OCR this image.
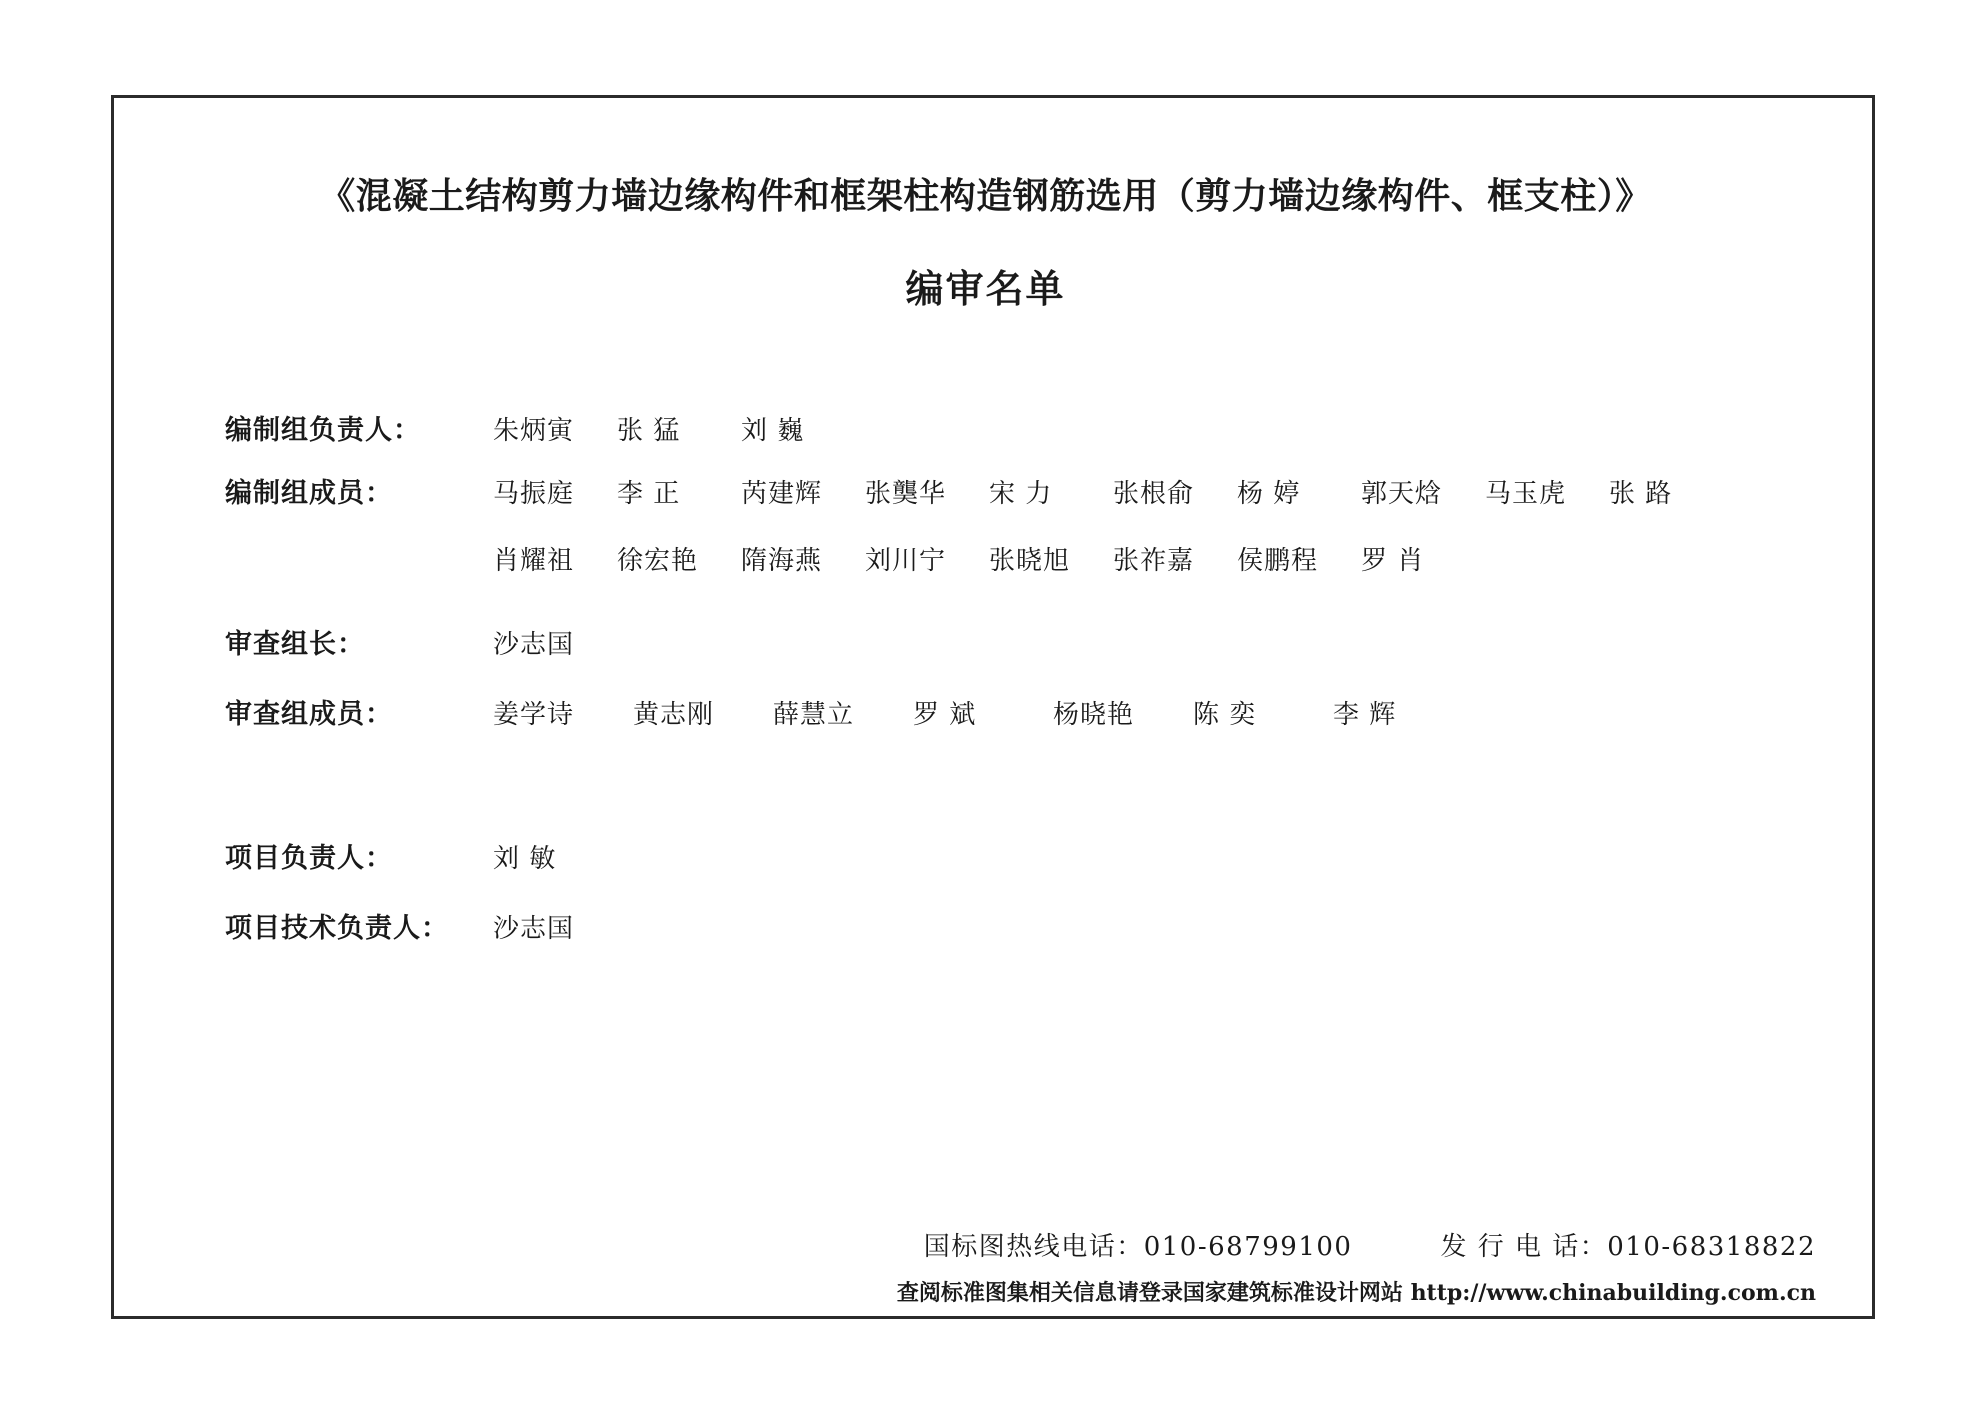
《混凝土结构剪力墙边缘构件和框架柱构造钢筋选用（剪力墙边缘构件、框支柱）》
编审名单
编制组负责人：	朱炳寅	张 猛	刘 巍
编制组成员：	马振庭	李 正	芮建辉	张龑华	宋 力	张根俞	杨 婷	郭天焓	马玉虎	张 路
肖耀祖	徐宏艳	隋海燕	刘川宁	张晓旭	张祚嘉	侯鹏程	罗 肖
审查组长：	沙志国
审查组成员：	姜学诗	黄志刚	薛慧立	罗 斌	杨晓艳	陈 奕	李 辉
项目负责人：	刘 敏
项目技术负责人：	沙志国
国标图热线电话：010-68799100	发 行 电 话：010-68318822
查阅标准图集相关信息请登录国家建筑标准设计网站 http://www.chinabuilding.com.cn
